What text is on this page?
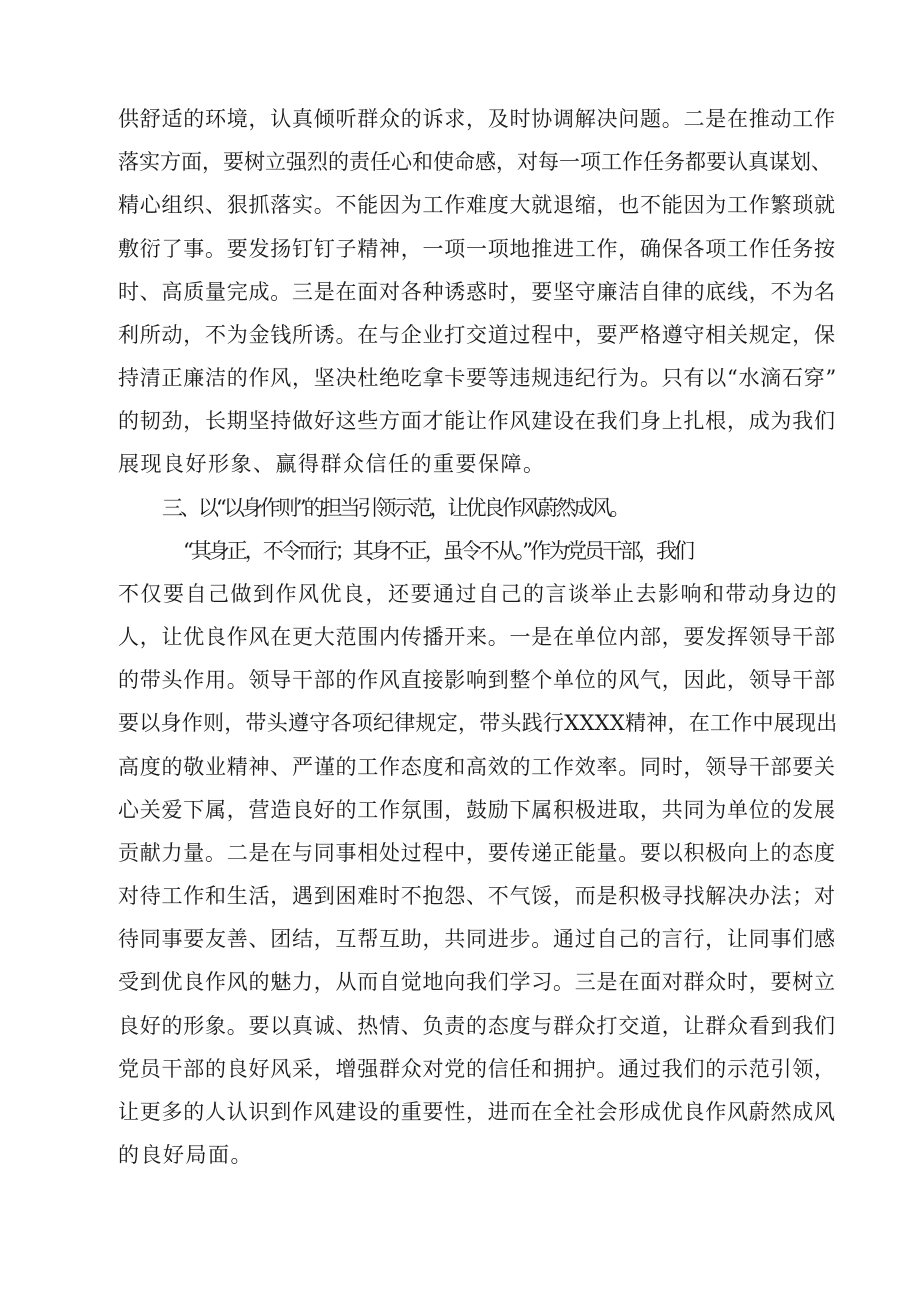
供舒适的环境，认真倾听群众的诉求，及时协调解决问题。二是在推动工作
落实方面，要树立强烈的责任心和使命感，对每一项工作任务都要认真谋划、
精心组织、狠抓落实。不能因为工作难度大就退缩，也不能因为工作繁琐就
敷衍了事。要发扬钉钉子精神，一项一项地推进工作，确保各项工作任务按
时、高质量完成。三是在面对各种诱惑时，要坚守廉洁自律的底线，不为名
利所动，不为金钱所诱。在与企业打交道过程中，要严格遵守相关规定，保
持清正廉洁的作风，坚决杜绝吃拿卡要等违规违纪行为。只有以“水滴石穿”
的韧劲，长期坚持做好这些方面才能让作风建设在我们身上扎根，成为我们
展现良好形象、赢得群众信任的重要保障。
三、以“以身作则”的担当引领示范，让优良作风蔚然成风。
“其身正，不令而行；其身不正，虽令不从。”作为党员干部，我们
不仅要自己做到作风优良，还要通过自己的言谈举止去影响和带动身边的
人，让优良作风在更大范围内传播开来。一是在单位内部，要发挥领导干部
的带头作用。领导干部的作风直接影响到整个单位的风气，因此，领导干部
要以身作则，带头遵守各项纪律规定，带头践行XXXX精神，在工作中展现出
高度的敬业精神、严谨的工作态度和高效的工作效率。同时，领导干部要关
心关爱下属，营造良好的工作氛围，鼓励下属积极进取，共同为单位的发展
贡献力量。二是在与同事相处过程中，要传递正能量。要以积极向上的态度
对待工作和生活，遇到困难时不抱怨、不气馁，而是积极寻找解决办法；对
待同事要友善、团结，互帮互助，共同进步。通过自己的言行，让同事们感
受到优良作风的魅力，从而自觉地向我们学习。三是在面对群众时，要树立
良好的形象。要以真诚、热情、负责的态度与群众打交道，让群众看到我们
党员干部的良好风采，增强群众对党的信任和拥护。通过我们的示范引领，
让更多的人认识到作风建设的重要性，进而在全社会形成优良作风蔚然成风
的良好局面。
